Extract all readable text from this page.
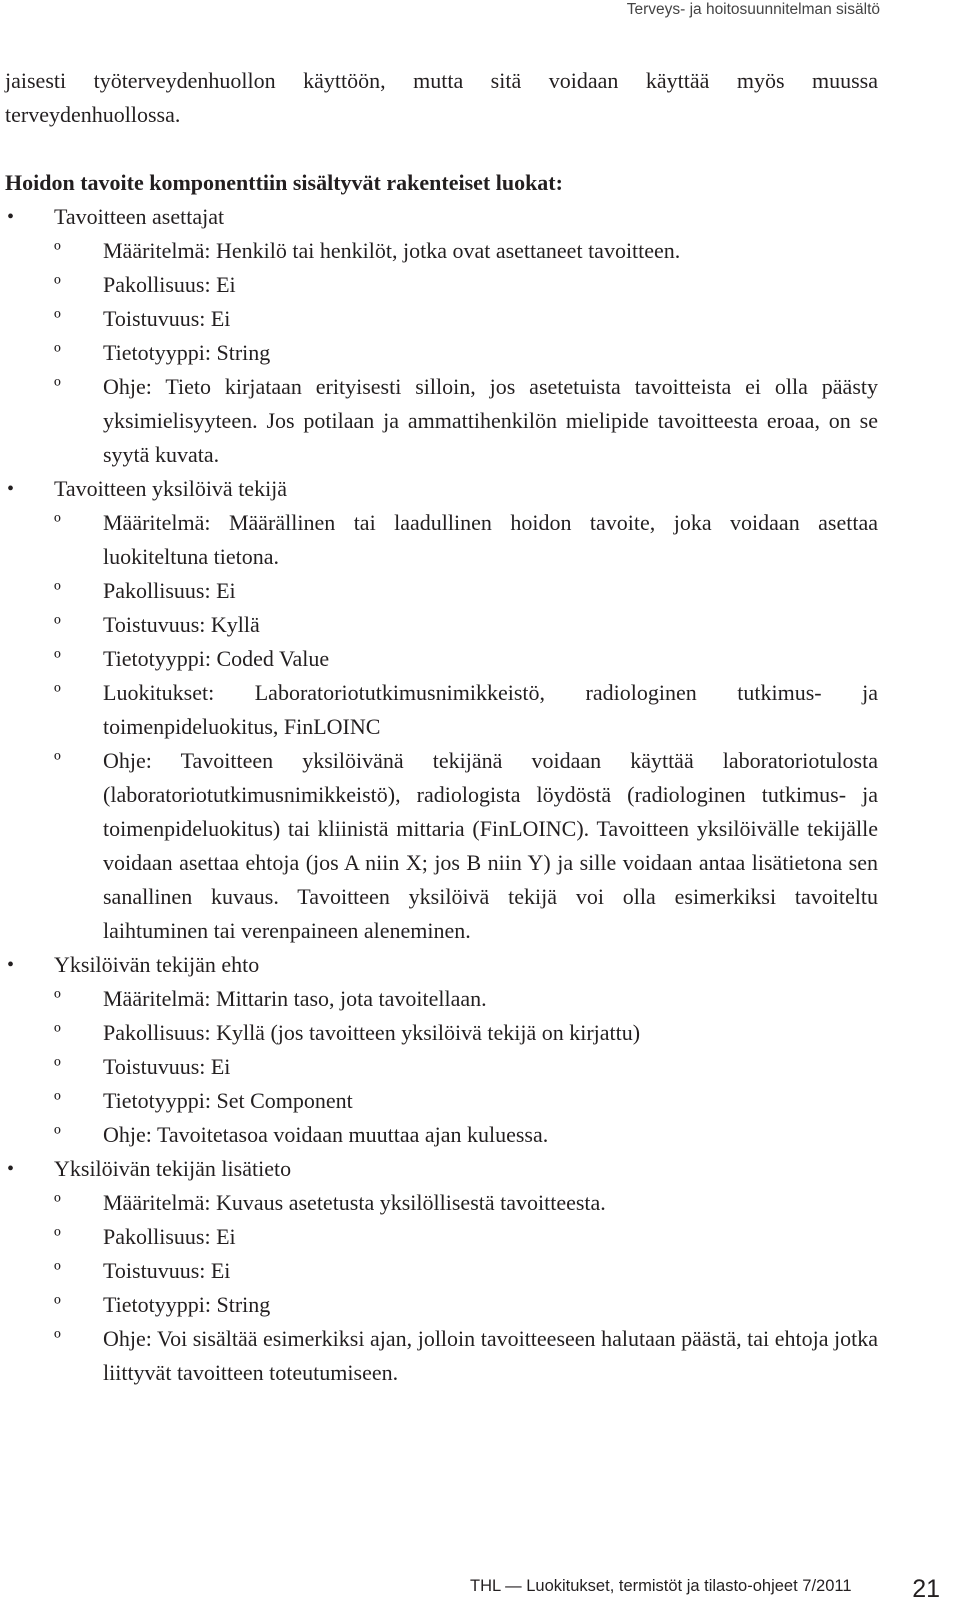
Terveys- ja hoitosuunnitelman sisältö

jaisesti työterveydenhuollon käyttöön, mutta sitä voidaan käyttää myös muussa terveydenhuollossa.

Hoidon tavoite komponenttiin sisältyvät rakenteiset luokat:

• Tavoitteen asettajat
º Määritelmä: Henkilö tai henkilöt, jotka ovat asettaneet tavoitteen.
º Pakollisuus: Ei
º Toistuvuus: Ei
º Tietotyyppi: String
º Ohje: Tieto kirjataan erityisesti silloin, jos asetetuista tavoitteista ei olla päästy yksimielisyyteen. Jos potilaan ja ammattihenkilön mielipide tavoitteesta eroaa, on se syytä kuvata.
• Tavoitteen yksilöivä tekijä
º Määritelmä: Määrällinen tai laadullinen hoidon tavoite, joka voidaan asettaa luokiteltuna tietona.
º Pakollisuus: Ei
º Toistuvuus: Kyllä
º Tietotyyppi: Coded Value
º Luokitukset: Laboratoriotutkimusnimikkeistö, radiologinen tutkimus- ja toimenpideluokitus, FinLOINC
º Ohje: Tavoitteen yksilöivänä tekijänä voidaan käyttää laboratoriotulosta (laboratoriotutkimusnimikkeistö), radiologista löydöstä (radiologinen tutkimus- ja toimenpideluokitus) tai kliinistä mittaria (FinLOINC). Tavoitteen yksilöivälle tekijälle voidaan asettaa ehtoja (jos A niin X; jos B niin Y) ja sille voidaan antaa lisätietona sen sanallinen kuvaus. Tavoitteen yksilöivä tekijä voi olla esimerkiksi tavoiteltu laihtuminen tai verenpaineen aleneminen.
• Yksilöivän tekijän ehto
º Määritelmä: Mittarin taso, jota tavoitellaan.
º Pakollisuus: Kyllä (jos tavoitteen yksilöivä tekijä on kirjattu)
º Toistuvuus: Ei
º Tietotyyppi: Set Component
º Ohje: Tavoitetasoa voidaan muuttaa ajan kuluessa.
• Yksilöivän tekijän lisätieto
º Määritelmä: Kuvaus asetetusta yksilöllisestä tavoitteesta.
º Pakollisuus: Ei
º Toistuvuus: Ei
º Tietotyyppi: String
º Ohje: Voi sisältää esimerkiksi ajan, jolloin tavoitteeseen halutaan päästä, tai ehtoja jotka liittyvät tavoitteen toteutumiseen.
THL — Luokitukset, termistöt ja tilasto-ohjeet 7/2011 21
